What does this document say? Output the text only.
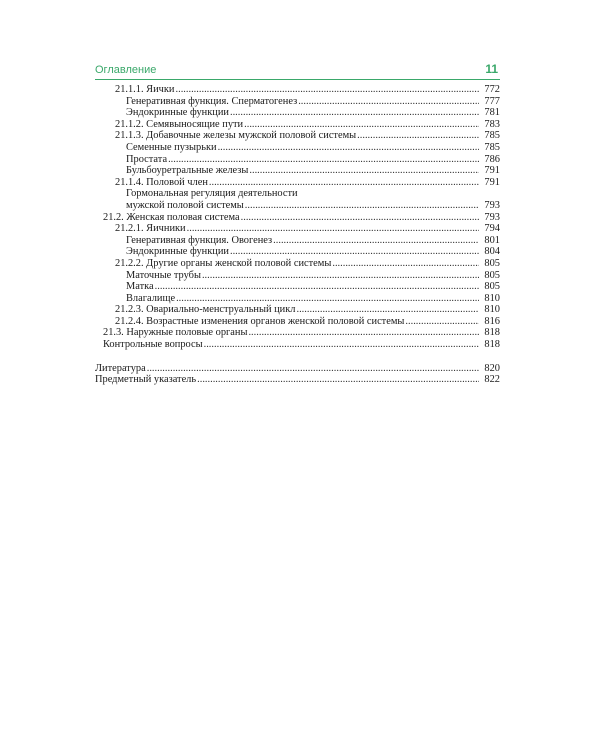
Оглавление	11
21.1.1. Яички .....	772
Генеративная функция. Сперматогенез .....	777
Эндокринные функции .....	781
21.1.2. Семявыносящие пути .....	783
21.1.3. Добавочные железы мужской половой системы .....	785
Семенные пузырьки .....	785
Простата .....	786
Бульбоуретральные железы .....	791
21.1.4. Половой член .....	791
Гормональная регуляция деятельности
мужской половой системы .....	793
21.2. Женская половая система .....	793
21.2.1. Яичники .....	794
Генеративная функция. Овогенез .....	801
Эндокринные функции .....	804
21.2.2. Другие органы женской половой системы .....	805
Маточные трубы .....	805
Матка .....	805
Влагалище .....	810
21.2.3. Овариально-менструальный цикл .....	810
21.2.4. Возрастные изменения органов женской половой системы .....	816
21.3. Наружные половые органы .....	818
Контрольные вопросы .....	818
Литература .....	820
Предметный указатель .....	822
